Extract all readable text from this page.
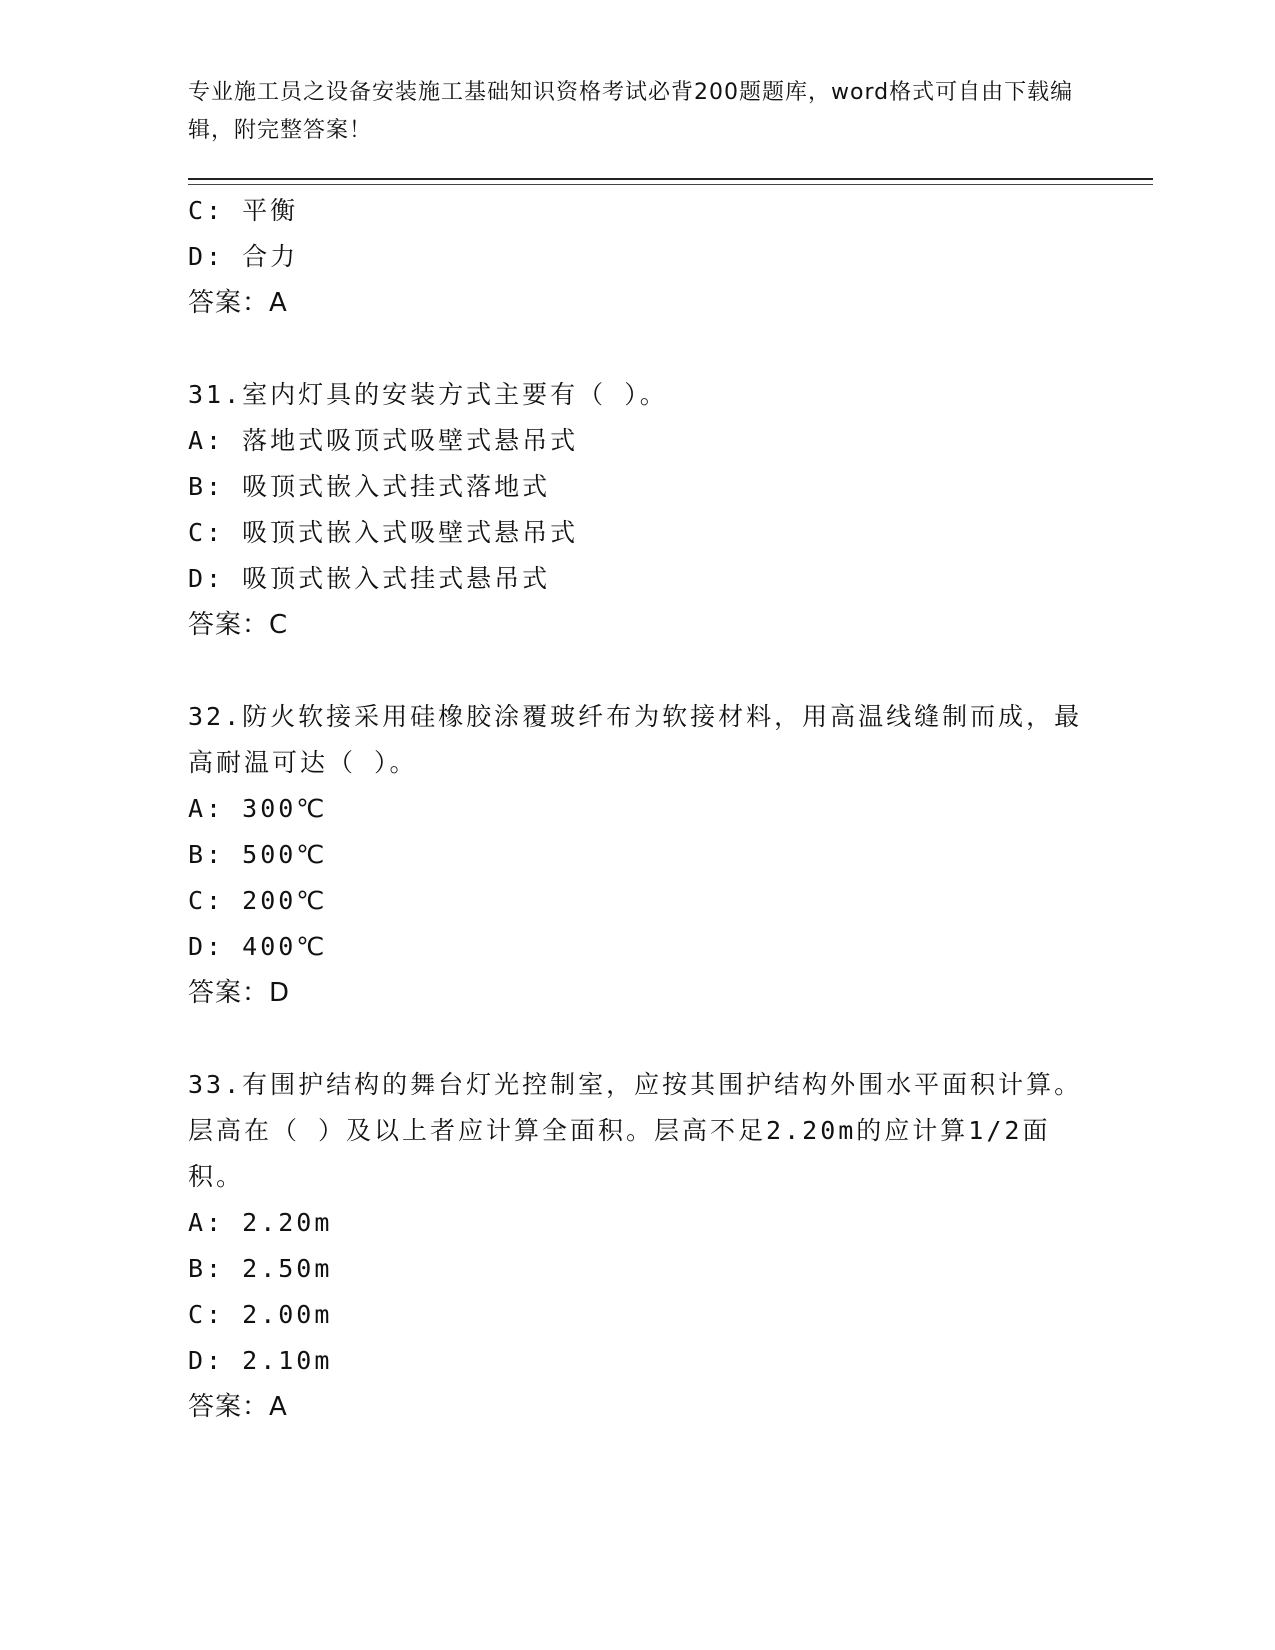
专业施工员之设备安装施工基础知识资格考试必背200题题库，word格式可自由下载编辑，附完整答案！
C: 平衡
D: 合力
答案：A
31.室内灯具的安装方式主要有（ ）。
A: 落地式吸顶式吸壁式悬吊式
B: 吸顶式嵌入式挂式落地式
C: 吸顶式嵌入式吸壁式悬吊式
D: 吸顶式嵌入式挂式悬吊式
答案：C
32.防火软接采用硅橡胶涂覆玻纤布为软接材料，用高温线缝制而成，最高耐温可达（ ）。
A: 300℃
B: 500℃
C: 200℃
D: 400℃
答案：D
33.有围护结构的舞台灯光控制室，应按其围护结构外围水平面积计算。层高在（ ）及以上者应计算全面积。层高不足2.20m的应计算1/2面积。
A: 2.20m
B: 2.50m
C: 2.00m
D: 2.10m
答案：A
